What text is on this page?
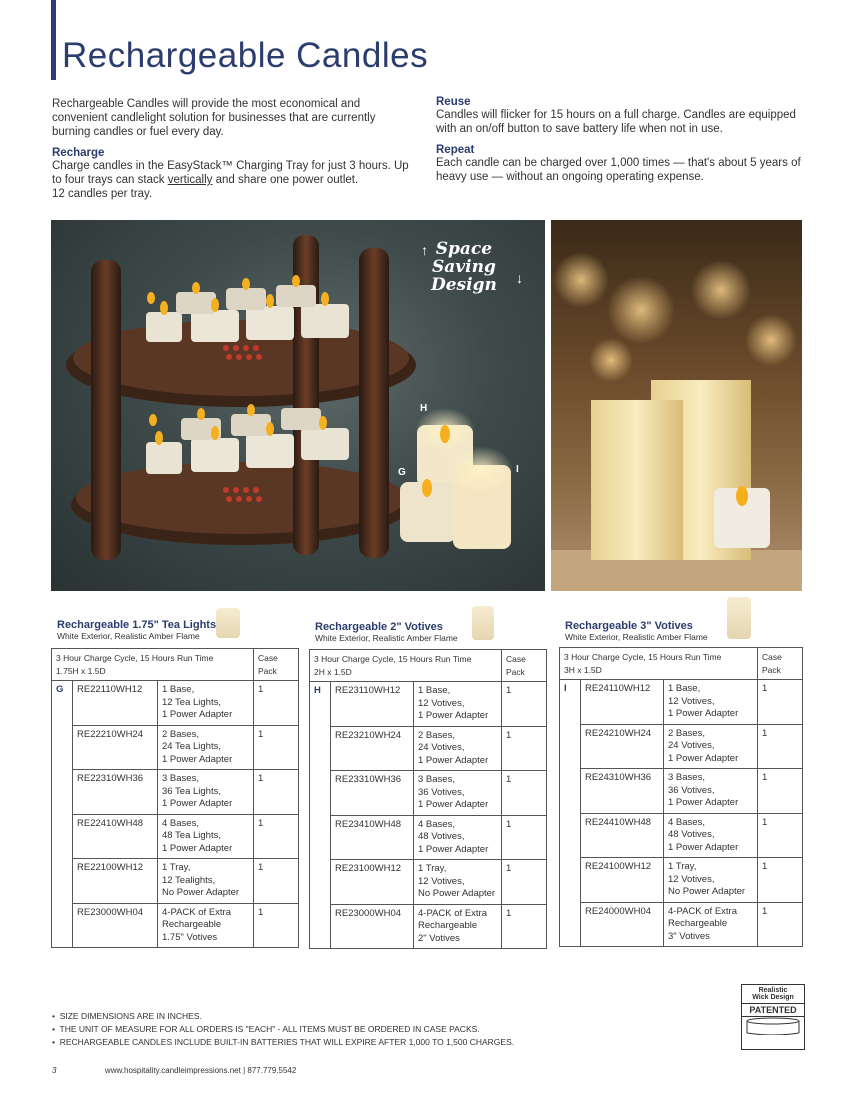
Rechargeable Candles

Rechargeable Candles will provide the most economical and convenient candlelight solution for businesses that are currently burning candles or fuel every day.

Recharge

Charge candles in the EasyStack™ Charging Tray for just 3 hours. Up to four trays can stack vertically and share one power outlet.
12 candles per tray.

Reuse

Candles will flicker for 15 hours on a full charge. Candles are equipped with an on/off button to save battery life when not in use.

Repeat

Each candle can be charged over 1,000 times — that's about 5 years of heavy use — without an ongoing operating expense.

Space
Saving
Design
↑
↓
H
G	I
Rechargeable 1.75" Tea Lights
White Exterior, Realistic Amber Flame
Rechargeable 2" Votives
White Exterior, Realistic Amber Flame
Rechargeable 3" Votives
White Exterior, Realistic Amber Flame
3 Hour Charge Cycle, 15 Hours Run Time
1.75H x 1.5D			Case Pack
G	RE22110WH12	1 Base,
12 Tea Lights,
1 Power Adapter	1
	RE22210WH24	2 Bases,
24 Tea Lights,
1 Power Adapter	1
	RE22310WH36	3 Bases,
36 Tea Lights,
1 Power Adapter	1
	RE22410WH48	4 Bases,
48 Tea Lights,
1 Power Adapter	1
	RE22100WH12	1 Tray,
12 Tealights,
No Power Adapter	1
	RE23000WH04	4-PACK of Extra
Rechargeable
1.75" Votives	1
3 Hour Charge Cycle, 15 Hours Run Time
2H x 1.5D			Case Pack
H	RE23110WH12	1 Base,
12 Votives,
1 Power Adapter	1
	RE23210WH24	2 Bases,
24 Votives,
1 Power Adapter	1
	RE23310WH36	3 Bases,
36 Votives,
1 Power Adapter	1
	RE23410WH48	4 Bases,
48 Votives,
1 Power Adapter	1
	RE23100WH12	1 Tray,
12 Votives,
No Power Adapter	1
	RE23000WH04	4-PACK of Extra
Rechargeable
2" Votives	1
3 Hour Charge Cycle, 15 Hours Run Time
3H x 1.5D			Case Pack
I	RE24110WH12	1 Base,
12 Votives,
1 Power Adapter	1
	RE24210WH24	2 Bases,
24 Votives,
1 Power Adapter	1
	RE24310WH36	3 Bases,
36 Votives,
1 Power Adapter	1
	RE24410WH48	4 Bases,
48 Votives,
1 Power Adapter	1
	RE24100WH12	1 Tray,
12 Votives,
No Power Adapter	1
	RE24000WH04	4-PACK of Extra
Rechargeable
3" Votives	1
•  SIZE DIMENSIONS ARE IN INCHES.
•  THE UNIT OF MEASURE FOR ALL ORDERS IS "EACH" - ALL ITEMS MUST BE ORDERED IN CASE PACKS.
•  RECHARGEABLE CANDLES INCLUDE BUILT-IN BATTERIES THAT WILL EXPIRE AFTER 1,000 TO 1,500 CHARGES.
Realistic
Wick Design
PATENTED
3	www.hospitality.candleimpressions.net | 877.779.5542
